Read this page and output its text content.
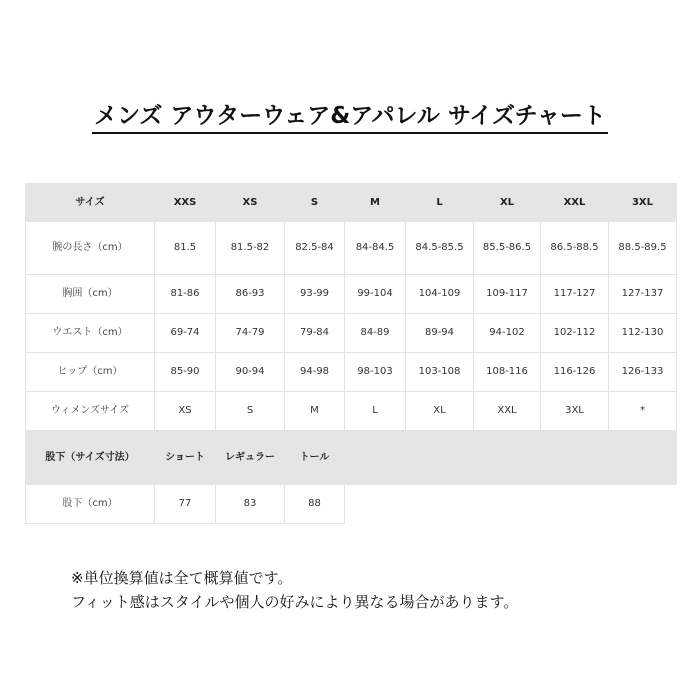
メンズ アウターウェア&アパレル サイズチャート
サイズ	XXS	XS	S	M	L	XL	XXL	3XL
腕の長さ（cm）	81.5	81.5-82	82.5-84	84-84.5	84.5-85.5	85.5-86.5	86.5-88.5	88.5-89.5
胸囲（cm）	81-86	86-93	93-99	99-104	104-109	109-117	117-127	127-137
ウエスト（cm）	69-74	74-79	79-84	84-89	89-94	94-102	102-112	112-130
ヒップ（cm）	85-90	90-94	94-98	98-103	103-108	108-116	116-126	126-133
ウィメンズサイズ	XS	S	M	L	XL	XXL	3XL	*
股下（サイズ寸法）	ショート	レギュラー	トール					
股下（cm）	77	83	88					
※単位換算値は全て概算値です。
フィット感はスタイルや個人の好みにより異なる場合があります。
